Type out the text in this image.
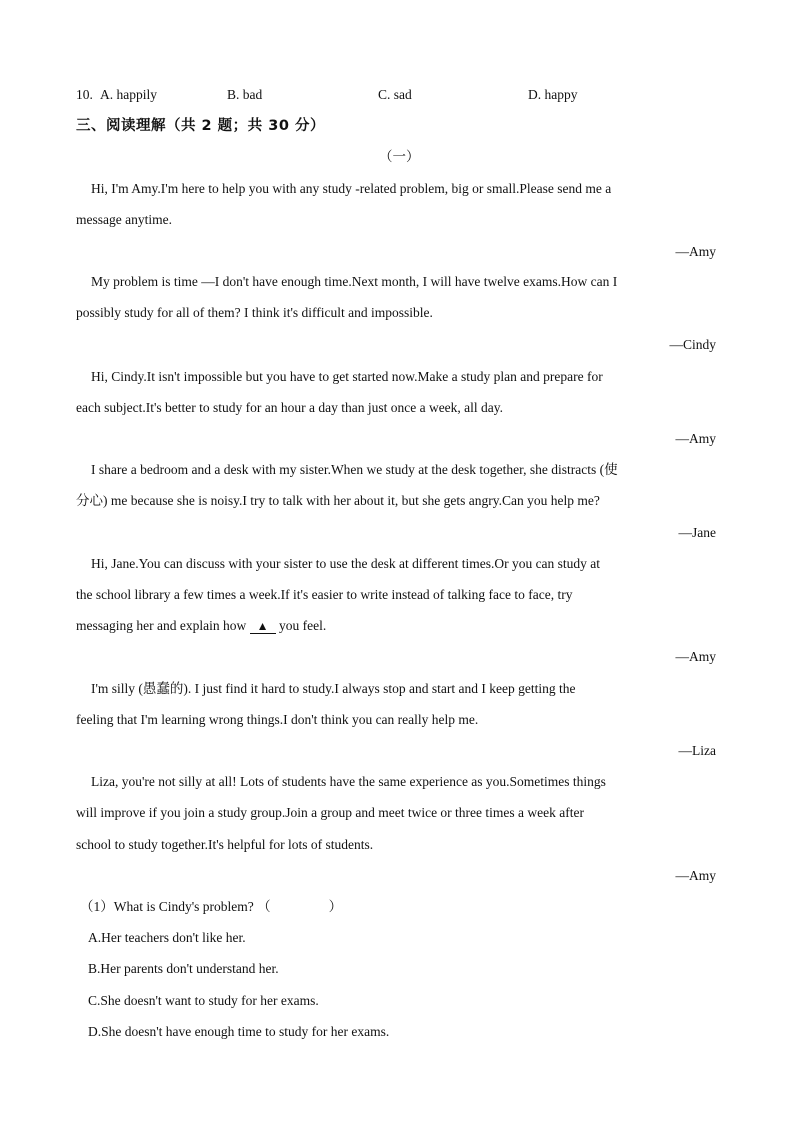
10. A. happily	B. bad	C. sad	D. happy
三、阅读理解（共 2 题；共 30 分）
（一）
Hi, I'm Amy.I'm here to help you with any study -related problem, big or small.Please send me a
message anytime.
—Amy
My problem is time —I don't have enough time.Next month, I will have twelve exams.How can I
possibly study for all of them? I think it's difficult and impossible.
—Cindy
Hi, Cindy.It isn't impossible but you have to get started now.Make a study plan and prepare for
each subject.It's better to study for an hour a day than just once a week, all day.
—Amy
I share a bedroom and a desk with my sister.When we study at the desk together, she distracts (使
分心) me because she is noisy.I try to talk with her about it, but she gets angry.Can you help me?
—Jane
Hi, Jane.You can discuss with your sister to use the desk at different times.Or you can study at
the school library a few times a week.If it's easier to write instead of talking face to face, try
messaging her and explain how ▲ you feel.
—Amy
I'm silly (愚蠢的). I just find it hard to study.I always stop and start and I keep getting the
feeling that I'm learning wrong things.I don't think you can really help me.
—Liza
Liza, you're not silly at all! Lots of students have the same experience as you.Sometimes things
will improve if you join a study group.Join a group and meet twice or three times a week after
school to study together.It's helpful for lots of students.
—Amy
（1）What is Cindy's problem? （	）
A.Her teachers don't like her.
B.Her parents don't understand her.
C.She doesn't want to study for her exams.
D.She doesn't have enough time to study for her exams.
